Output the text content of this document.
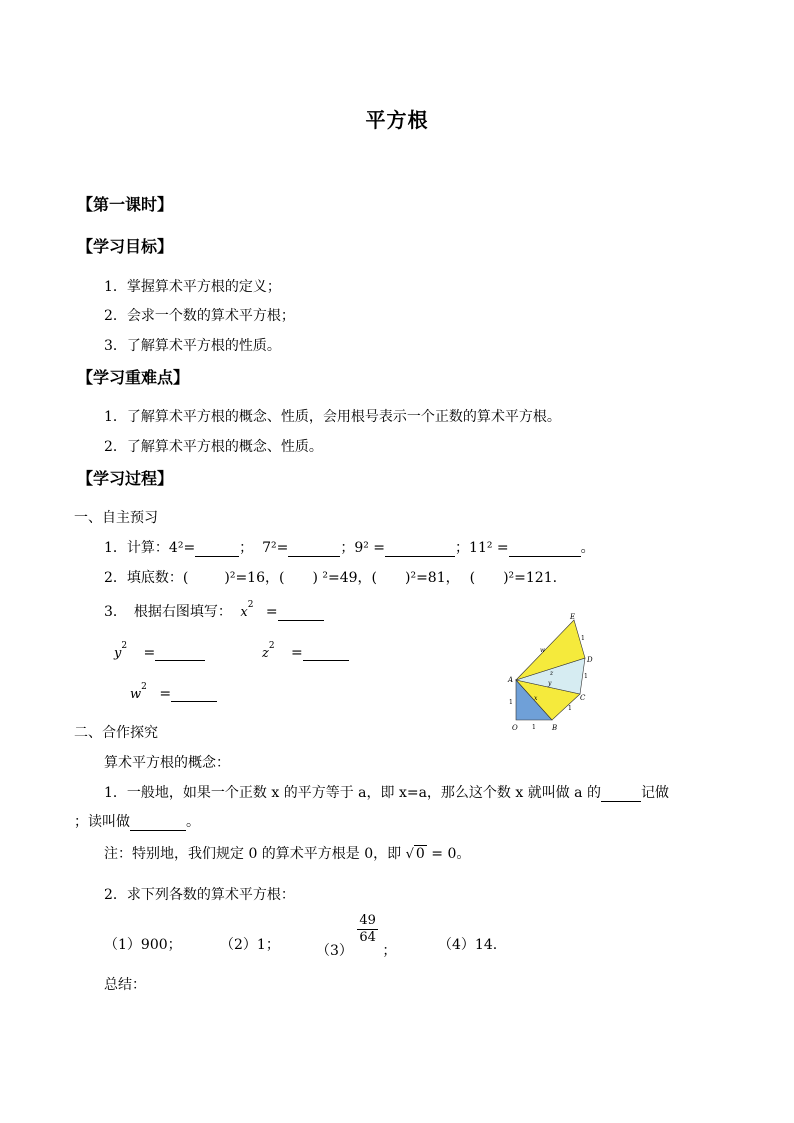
平方根
【第一课时】
【学习目标】
1．掌握算术平方根的定义；
2．会求一个数的算术平方根；
3．了解算术平方根的性质。
【学习重难点】
1．了解算术平方根的概念、性质，会用根号表示一个正数的算术平方根。
2．了解算术平方根的概念、性质。
【学习过程】
一、自主预习
1．计算：4²=	； 7²=	；9² =	；11² =	。
2．填底数：(	)²=16，( ) ²=49，( )²=81， ( )²=121.
3．　根据右图填写： $x^2$ =
$y^2$ =	$z^2$ =
$w^2$ =
E
D
C
B
A
O
w
z
y
x
1
1
1
1
1
二、合作探究
算术平方根的概念：
1．一般地，如果一个正数 x 的平方等于 a，即 x=a，那么这个数 x 就叫做 a 的	记做
；读叫做	。
注：特别地，我们规定 0 的算术平方根是 0，即 √ 0 = 0。
2．求下列各数的算术平方根：
（1）900；	（2）1；	（3）
$\frac{49}{64}$
；	（4）14.
总结：
